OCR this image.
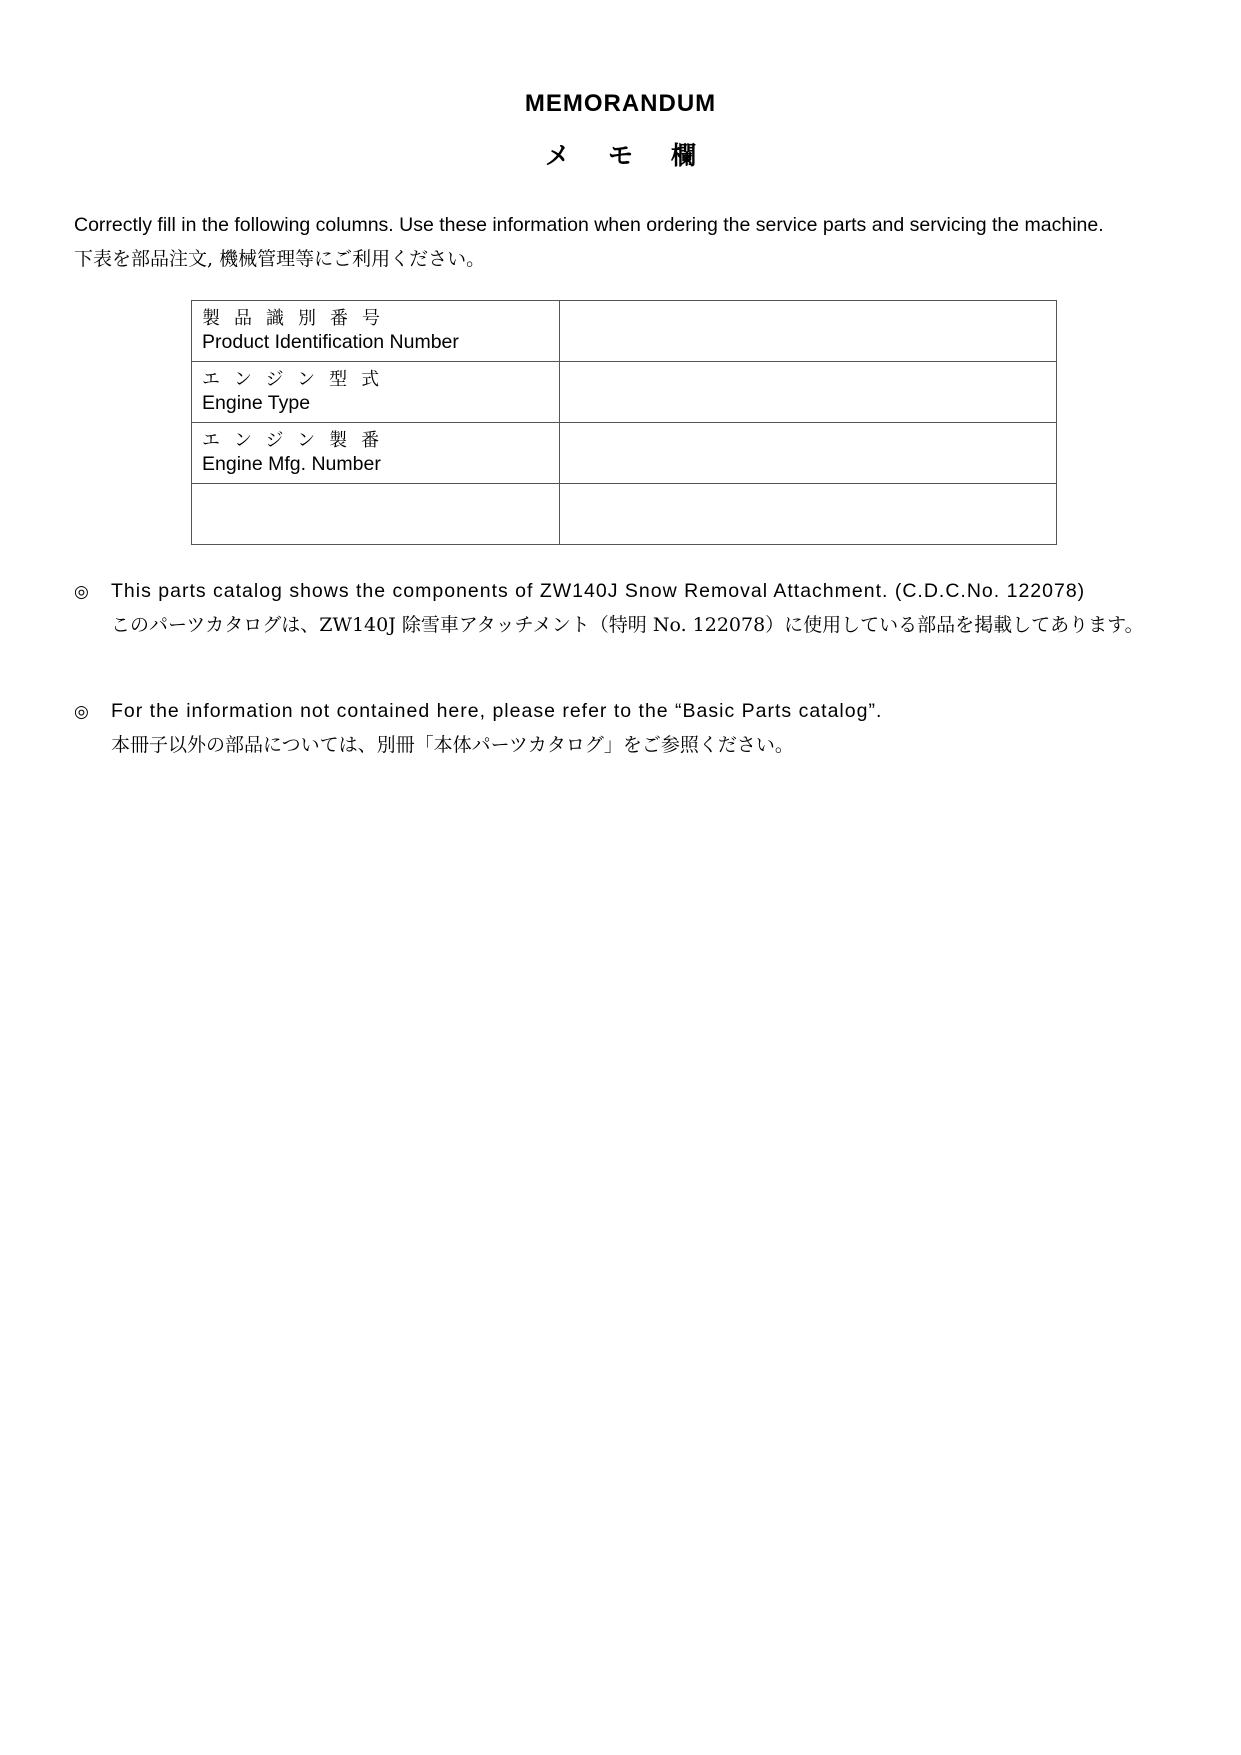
MEMORANDUM
メモ欄
Correctly fill in the following columns. Use these information when ordering the service parts and servicing the machine.
下表を部品注文, 機械管理等にご利用ください。
製品識別番号
Product Identification Number	

エンジン型式
Engine Type	

エンジン製番
Engine Mfg. Number	

◎ This parts catalog shows the components of ZW140J Snow Removal Attachment. (C.D.C.No. 122078)
このパーツカタログは、ZW140J 除雪車アタッチメント（特明 No. 122078）に使用している部品を掲載してあります。
◎ For the information not contained here, please refer to the “Basic Parts catalog”.
本冊子以外の部品については、別冊「本体パーツカタログ」をご参照ください。
